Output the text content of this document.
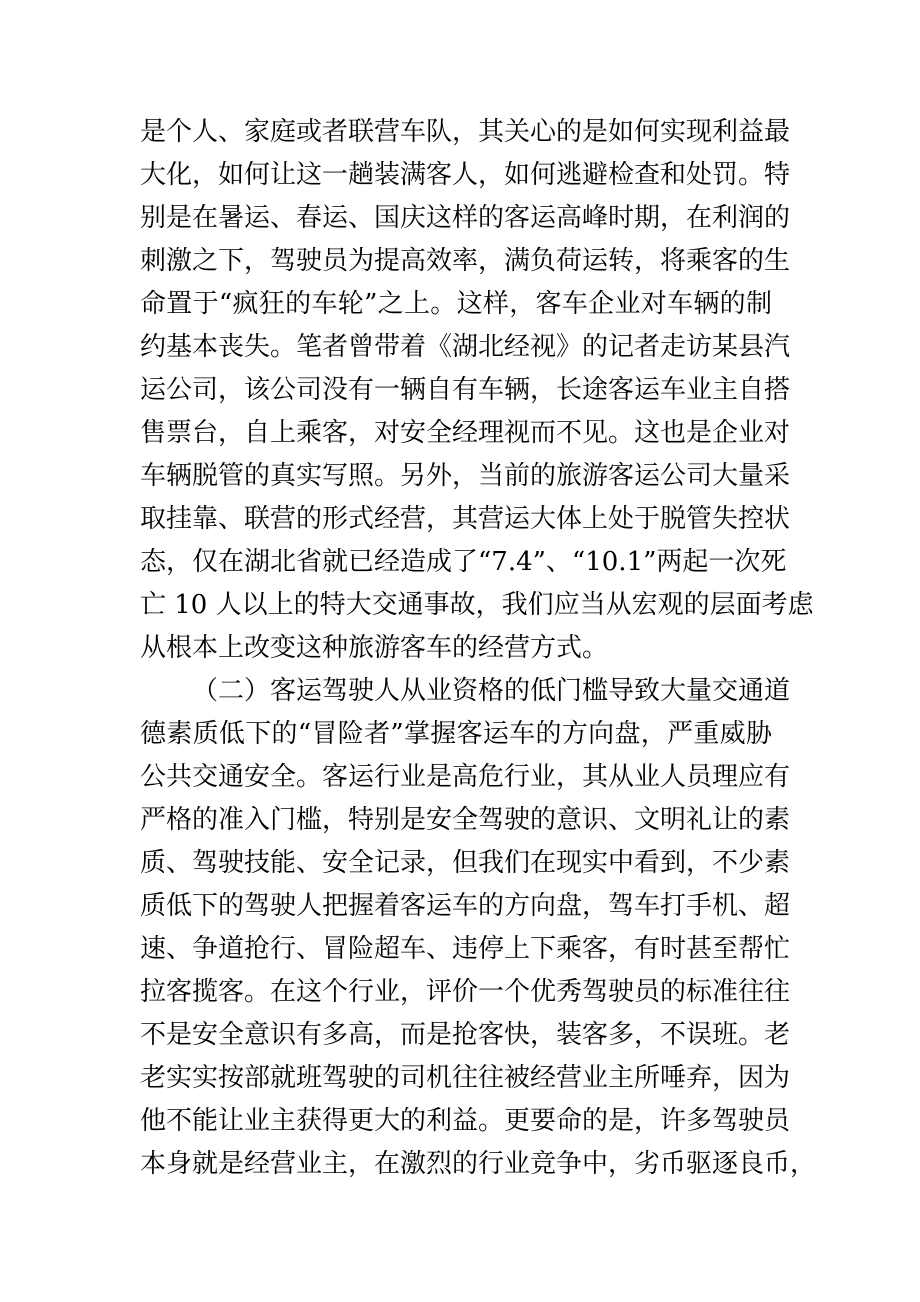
是个人、家庭或者联营车队，其关心的是如何实现利益最
大化，如何让这一趟装满客人，如何逃避检查和处罚。特
别是在暑运、春运、国庆这样的客运高峰时期，在利润的
刺激之下，驾驶员为提高效率，满负荷运转，将乘客的生
命置于“疯狂的车轮”之上。这样，客车企业对车辆的制
约基本丧失。笔者曾带着《湖北经视》的记者走访某县汽
运公司，该公司没有一辆自有车辆，长途客运车业主自搭
售票台，自上乘客，对安全经理视而不见。这也是企业对
车辆脱管的真实写照。另外，当前的旅游客运公司大量采
取挂靠、联营的形式经营，其营运大体上处于脱管失控状
态，仅在湖北省就已经造成了“7.4”、“10.1”两起一次死
亡 10 人以上的特大交通事故，我们应当从宏观的层面考虑
从根本上改变这种旅游客车的经营方式。
（二）客运驾驶人从业资格的低门槛导致大量交通道
德素质低下的“冒险者”掌握客运车的方向盘，严重威胁
公共交通安全。客运行业是高危行业，其从业人员理应有
严格的准入门槛，特别是安全驾驶的意识、文明礼让的素
质、驾驶技能、安全记录，但我们在现实中看到，不少素
质低下的驾驶人把握着客运车的方向盘，驾车打手机、超
速、争道抢行、冒险超车、违停上下乘客，有时甚至帮忙
拉客揽客。在这个行业，评价一个优秀驾驶员的标准往往
不是安全意识有多高，而是抢客快，装客多，不误班。老
老实实按部就班驾驶的司机往往被经营业主所唾弃，因为
他不能让业主获得更大的利益。更要命的是，许多驾驶员
本身就是经营业主，在激烈的行业竞争中，劣币驱逐良币，
